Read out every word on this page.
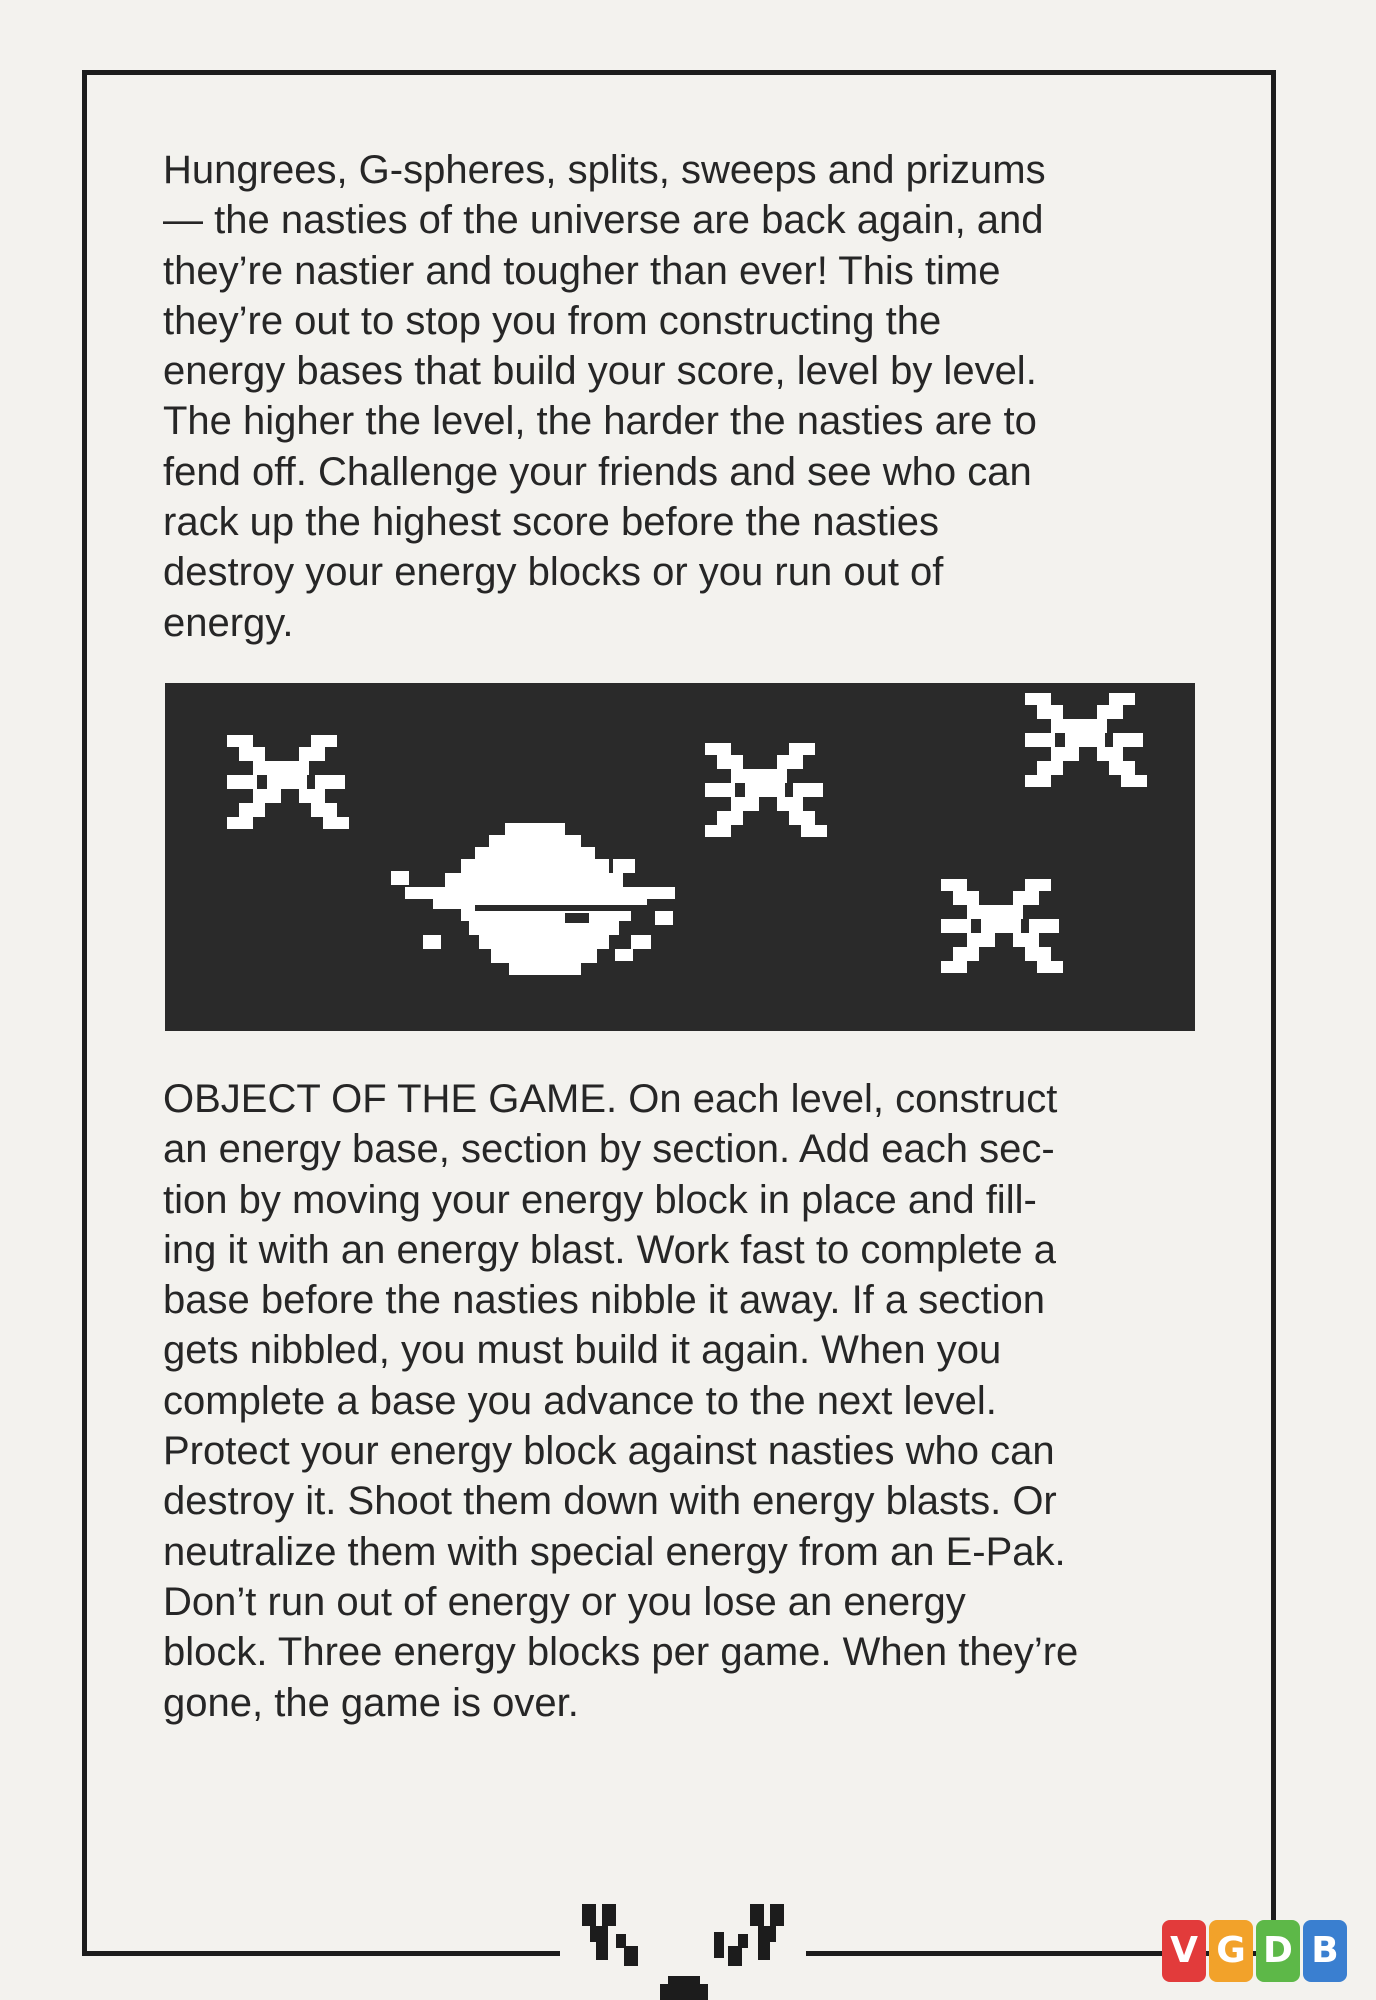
Hungrees, G-spheres, splits, sweeps and prizums
— the nasties of the universe are back again, and
they’re nastier and tougher than ever! This time
they’re out to stop you from constructing the
energy bases that build your score, level by level.
The higher the level, the harder the nasties are to
fend off. Challenge your friends and see who can
rack up the highest score before the nasties
destroy your energy blocks or you run out of
energy.

OBJECT OF THE GAME. On each level, construct
an energy base, section by section. Add each sec-
tion by moving your energy block in place and fill-
ing it with an energy blast. Work fast to complete a
base before the nasties nibble it away. If a section
gets nibbled, you must build it again. When you
complete a base you advance to the next level.
Protect your energy block against nasties who can
destroy it. Shoot them down with energy blasts. Or
neutralize them with special energy from an E-Pak.
Don’t run out of energy or you lose an energy
block. Three energy blocks per game. When they’re
gone, the game is over.

V G D B
